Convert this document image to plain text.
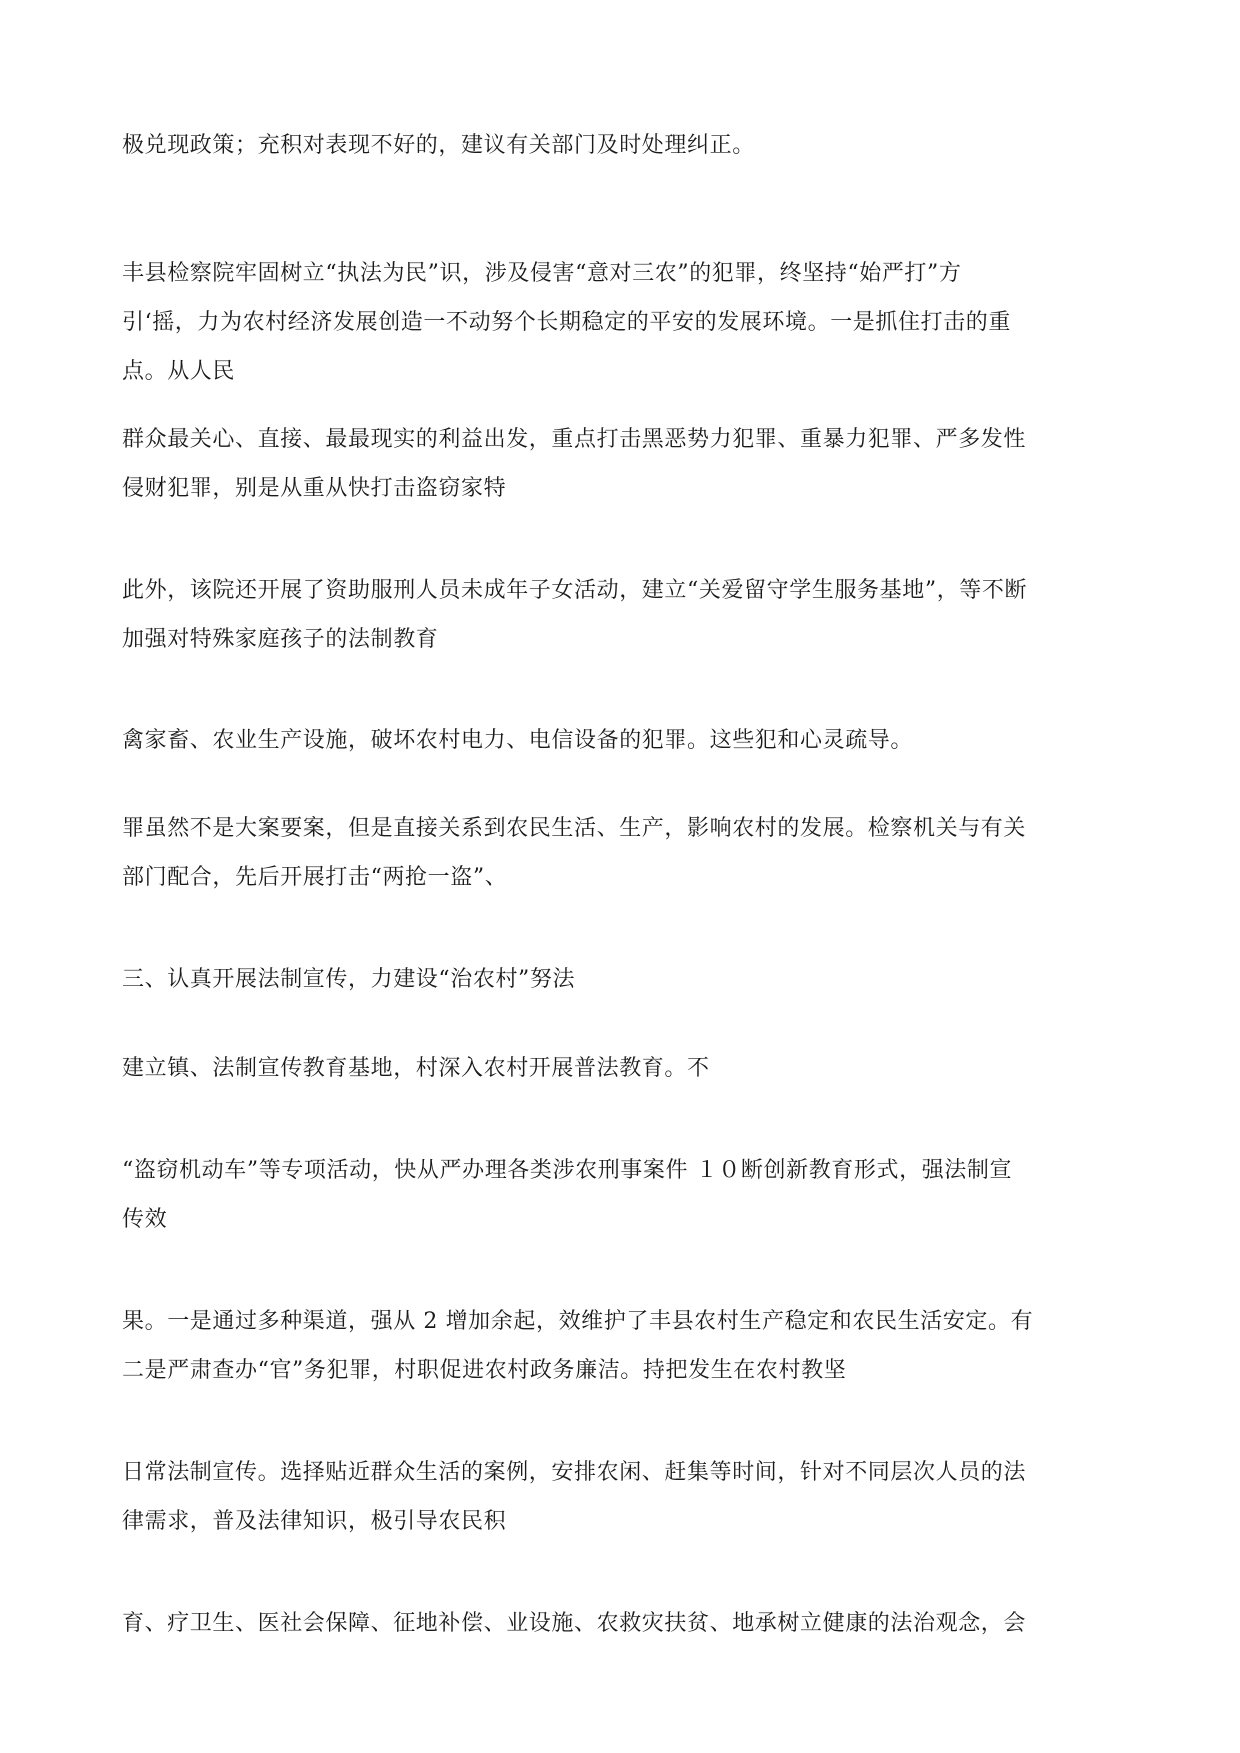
极兑现政策；充积对表现不好的，建议有关部门及时处理纠正。

丰县检察院牢固树立“执法为民”识，涉及侵害“意对三农”的犯罪，终坚持“始严打”方
引‘摇，力为农村经济发展创造一不动努个长期稳定的平安的发展环境。一是抓住打击的重
点。从人民

群众最关心、直接、最最现实的利益出发，重点打击黑恶势力犯罪、重暴力犯罪、严多发性
侵财犯罪，别是从重从快打击盗窃家特

此外，该院还开展了资助服刑人员未成年子女活动，建立“关爱留守学生服务基地”，等不断
加强对特殊家庭孩子的法制教育

禽家畜、农业生产设施，破坏农村电力、电信设备的犯罪。这些犯和心灵疏导。

罪虽然不是大案要案，但是直接关系到农民生活、生产，影响农村的发展。检察机关与有关
部门配合，先后开展打击“两抢一盗”、

三、认真开展法制宣传，力建设“治农村”努法

建立镇、法制宣传教育基地，村深入农村开展普法教育。不

“盗窃机动车”等专项活动，快从严办理各类涉农刑事案件 １０断创新教育形式，强法制宣
传效

果。一是通过多种渠道，强从 2 增加余起，效维护了丰县农村生产稳定和农民生活安定。有
二是严肃查办“官”务犯罪，村职促进农村政务廉洁。持把发生在农村教坚

日常法制宣传。选择贴近群众生活的案例，安排农闲、赶集等时间，针对不同层次人员的法
律需求，普及法律知识，极引导农民积

育、疗卫生、医社会保障、征地补偿、业设施、农救灾扶贫、地承树立健康的法治观念，会
